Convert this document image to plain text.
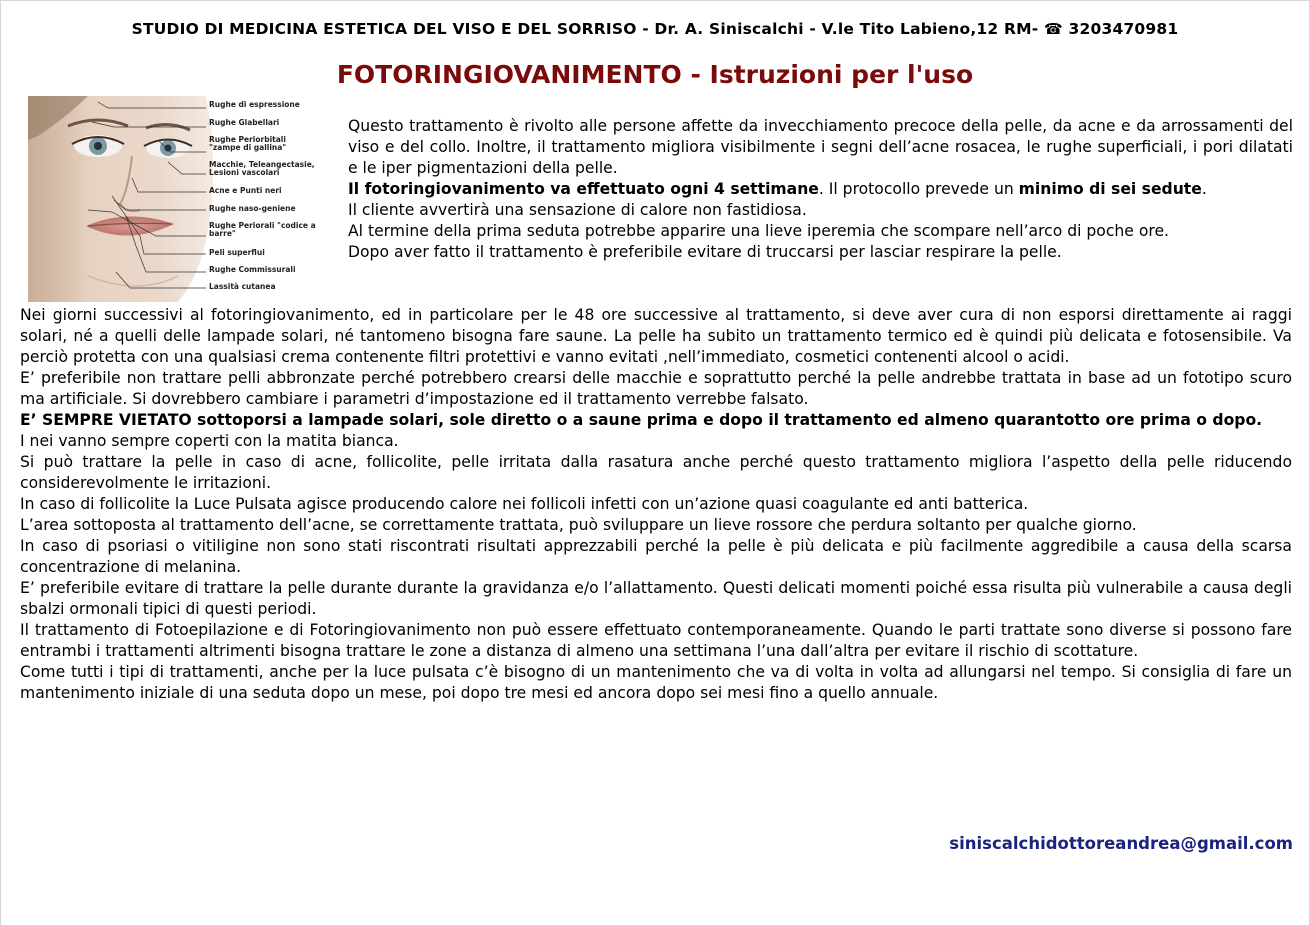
STUDIO DI MEDICINA ESTETICA DEL VISO E DEL SORRISO - Dr. A. Siniscalchi - V.le Tito Labieno,12 RM- ☎ 3203470981
FOTORINGIOVANIMENTO - Istruzioni per l'uso
Rughe di espressione
Rughe Glabellari
Rughe Periorbitali
"zampe di gallina"
Macchie, Teleangectasie,
Lesioni vascolari
Acne e Punti neri
Rughe naso-geniene
Rughe Periorali "codice a
barre"
Peli superflui
Rughe Commissurali
Lassità cutanea

Questo trattamento è rivolto alle persone affette da invecchiamento precoce della pelle, da acne e da arrossamenti del viso e del collo. Inoltre, il trattamento migliora visibilmente i segni dell’acne rosacea, le rughe superficiali, i pori dilatati e le iper pigmentazioni della pelle.

Il fotoringiovanimento va effettuato ogni 4 settimane. Il protocollo prevede un minimo di sei sedute.

Il cliente avvertirà una sensazione di calore non fastidiosa.

Al termine della prima seduta potrebbe apparire una lieve iperemia che scomparе nell’arco di poche ore.

Dopo aver fatto il trattamento è preferibile evitare di truccarsi per lasciar respirare la pelle.

Nei giorni successivi al fotoringiovanimento, ed in particolare per le 48 ore successive al trattamento, si deve aver cura di non esporsi direttamente ai raggi solari, né a quelli delle lampade solari, né tantomeno bisogna fare saune. La pelle ha subito un trattamento termico ed è quindi più delicata e fotosensibile. Va perciò protetta con una qualsiasi crema contenente filtri protettivi e vanno evitati ,nell’immediato, cosmetici contenenti alcool o acidi.

E’ preferibile non trattare pelli abbronzate perché potrebbero crearsi delle macchie e soprattutto perché la pelle andrebbe trattata in base ad un fototipo scuro ma artificiale. Si dovrebbero cambiare i parametri d’impostazione ed il trattamento verrebbe falsato.

E’ SEMPRE VIETATO sottoporsi a lampade solari, sole diretto o a saune prima e dopo il trattamento ed almeno quarantotto ore prima o dopo.

I nei vanno sempre coperti con la matita bianca.

Si può trattare la pelle in caso di acne, follicolite, pelle irritata dalla rasatura anche perché questo trattamento migliora l’aspetto della pelle riducendo considerevolmente le irritazioni.

In caso di follicolite la Luce Pulsata agisce producendo calore nei follicoli infetti con un’azione quasi coagulante ed anti batterica.

L’area sottoposta al trattamento dell’acne, se correttamente trattata, può sviluppare un lieve rossore che perdura soltanto per qualche giorno.

In caso di psoriasi o vitiligine non sono stati riscontrati risultati apprezzabili perché la pelle è più delicata e più facilmente aggredibile a causa della scarsa concentrazione di melanina.

E’ preferibile evitare di trattare la pelle durante durante la gravidanza e/o l’allattamento. Questi delicati momenti poiché essa risulta più vulnerabile a causa degli sbalzi ormonali tipici di questi periodi.

Il trattamento di Fotoepilazione e di Fotoringiovanimento non può essere effettuato contemporaneamente. Quando le parti trattate sono diverse si possono fare entrambi i trattamenti altrimenti bisogna trattare le zone a distanza di almeno una settimana l’una dall’altra per evitare il rischio di scottature.

Come tutti i tipi di trattamenti, anche per la luce pulsata c’è bisogno di un mantenimento che va di volta in volta ad allungarsi nel tempo. Si consiglia di fare un mantenimento iniziale di una seduta dopo un mese, poi dopo tre mesi ed ancora dopo sei mesi fino a quello annuale.

siniscalchidottoreandrea@gmail.com
